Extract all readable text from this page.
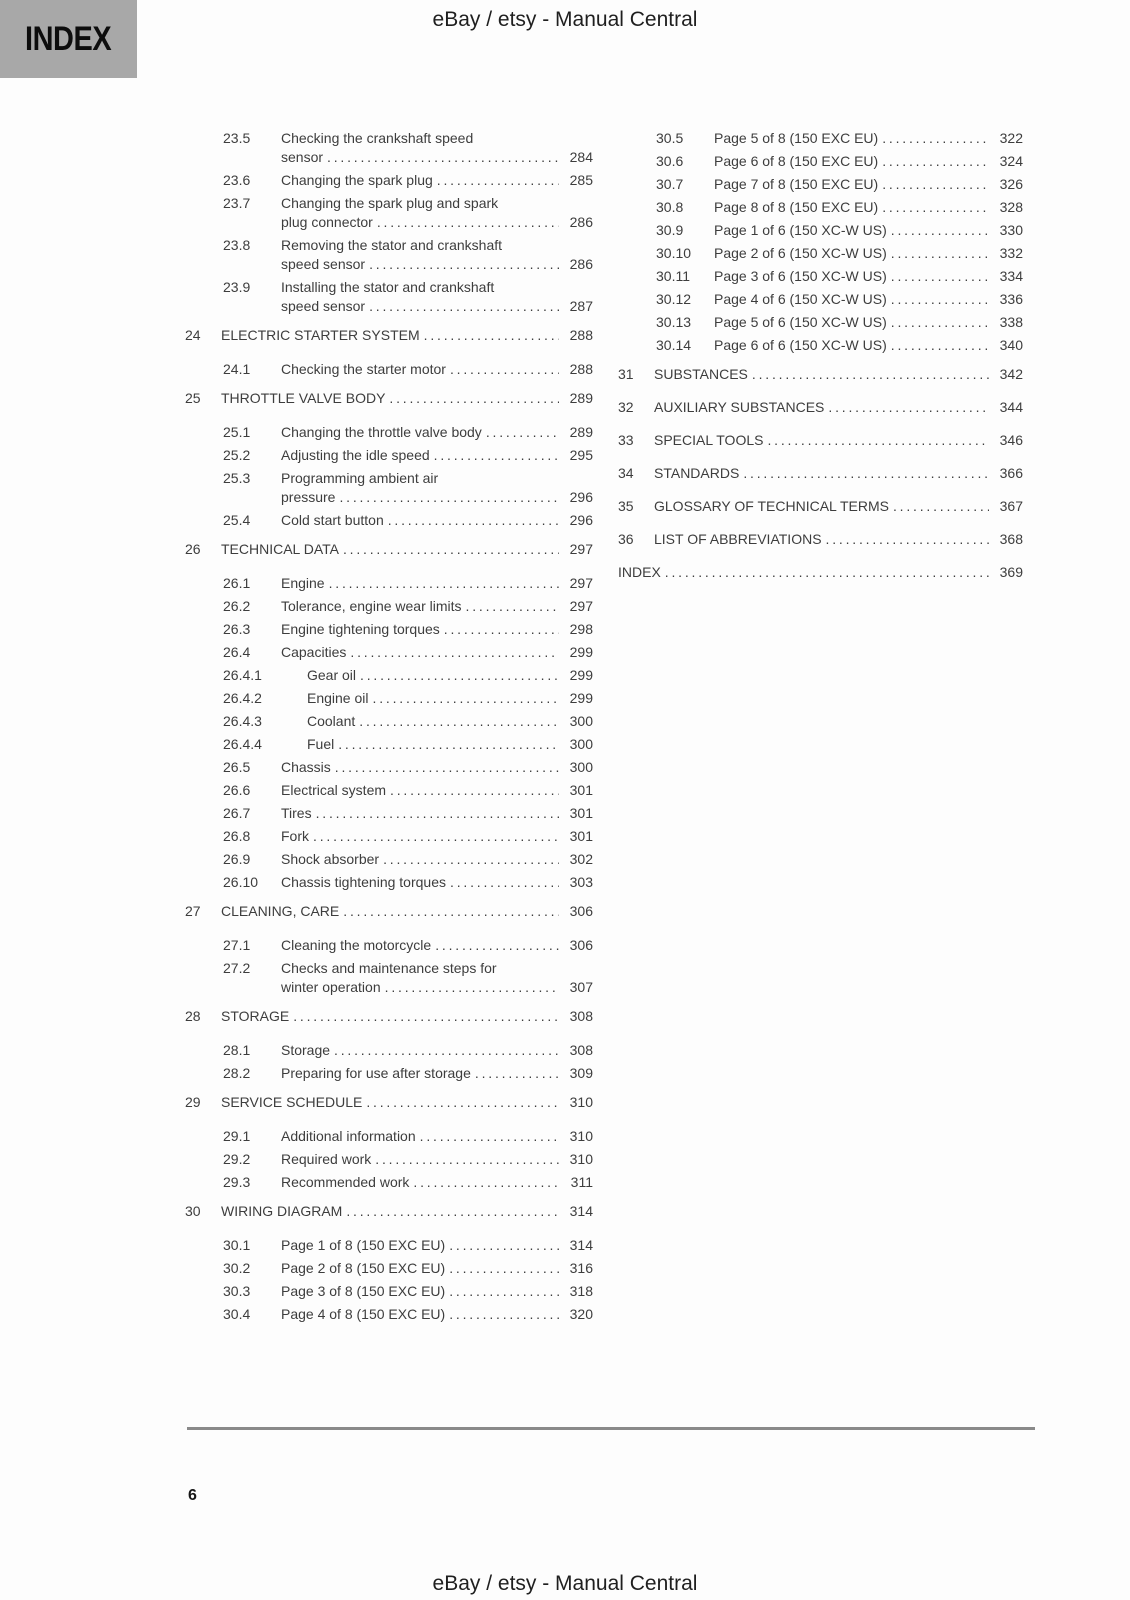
INDEX	eBay / etsy - Manual Central
23.5	Checking the crankshaft speed
sensor .....	284
23.6	Changing the spark plug .....	285
23.7	Changing the spark plug and spark
plug connector .....	286
23.8	Removing the stator and crankshaft
speed sensor .....	286
23.9	Installing the stator and crankshaft
speed sensor .....	287
24	ELECTRIC STARTER SYSTEM .....	288
24.1	Checking the starter motor .....	288
25	THROTTLE VALVE BODY .....	289
25.1	Changing the throttle valve body .....	289
25.2	Adjusting the idle speed .....	295
25.3	Programming ambient air
pressure .....	296
25.4	Cold start button .....	296
26	TECHNICAL DATA .....	297
26.1	Engine .....	297
26.2	Tolerance, engine wear limits .....	297
26.3	Engine tightening torques .....	298
26.4	Capacities .....	299
26.4.1	Gear oil .....	299
26.4.2	Engine oil .....	299
26.4.3	Coolant .....	300
26.4.4	Fuel .....	300
26.5	Chassis .....	300
26.6	Electrical system .....	301
26.7	Tires .....	301
26.8	Fork .....	301
26.9	Shock absorber .....	302
26.10	Chassis tightening torques .....	303
27	CLEANING, CARE .....	306
27.1	Cleaning the motorcycle .....	306
27.2	Checks and maintenance steps for
winter operation .....	307
28	STORAGE .....	308
28.1	Storage .....	308
28.2	Preparing for use after storage .....	309
29	SERVICE SCHEDULE .....	310
29.1	Additional information .....	310
29.2	Required work .....	310
29.3	Recommended work .....	311
30	WIRING DIAGRAM .....	314
30.1	Page 1 of 8 (150 EXC EU) .....	314
30.2	Page 2 of 8 (150 EXC EU) .....	316
30.3	Page 3 of 8 (150 EXC EU) .....	318
30.4	Page 4 of 8 (150 EXC EU) .....	320
30.5	Page 5 of 8 (150 EXC EU) .....	322
30.6	Page 6 of 8 (150 EXC EU) .....	324
30.7	Page 7 of 8 (150 EXC EU) .....	326
30.8	Page 8 of 8 (150 EXC EU) .....	328
30.9	Page 1 of 6 (150 XC-W US) .....	330
30.10	Page 2 of 6 (150 XC-W US) .....	332
30.11	Page 3 of 6 (150 XC-W US) .....	334
30.12	Page 4 of 6 (150 XC-W US) .....	336
30.13	Page 5 of 6 (150 XC-W US) .....	338
30.14	Page 6 of 6 (150 XC-W US) .....	340
31	SUBSTANCES .....	342
32	AUXILIARY SUBSTANCES .....	344
33	SPECIAL TOOLS .....	346
34	STANDARDS .....	366
35	GLOSSARY OF TECHNICAL TERMS .....	367
36	LIST OF ABBREVIATIONS .....	368
INDEX .....	369
6
eBay / etsy - Manual Central
